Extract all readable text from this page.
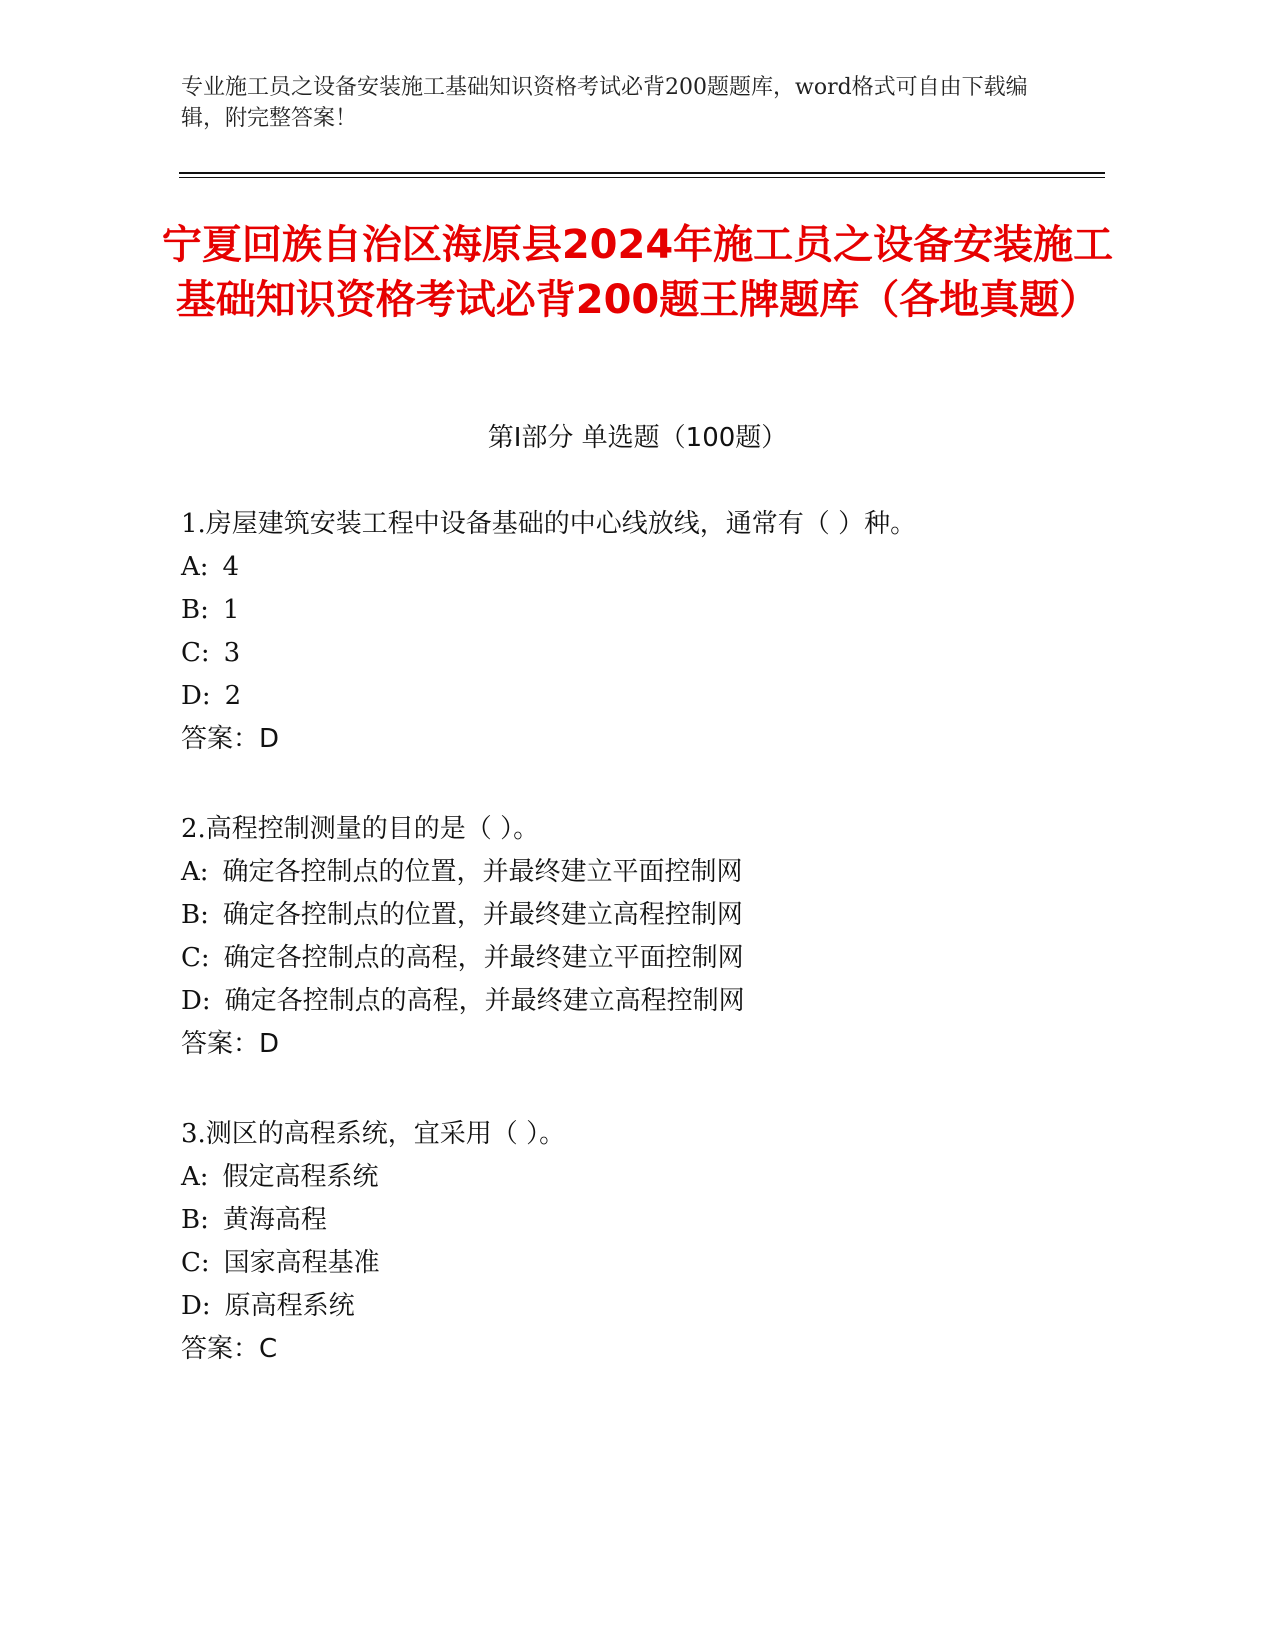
专业施工员之设备安装施工基础知识资格考试必背200题题库，word格式可自由下载编辑，附完整答案！
宁夏回族自治区海原县2024年施工员之设备安装施工基础知识资格考试必背200题王牌题库（各地真题）
第Ⅰ部分 单选题（100题）
1.房屋建筑安装工程中设备基础的中心线放线，通常有（ ）种。
A: 4
B: 1
C: 3
D: 2
答案：D
2.高程控制测量的目的是（ ）。
A: 确定各控制点的位置，并最终建立平面控制网
B: 确定各控制点的位置，并最终建立高程控制网
C: 确定各控制点的高程，并最终建立平面控制网
D: 确定各控制点的高程，并最终建立高程控制网
答案：D
3.测区的高程系统，宜采用（ ）。
A: 假定高程系统
B: 黄海高程
C: 国家高程基准
D: 原高程系统
答案：C
